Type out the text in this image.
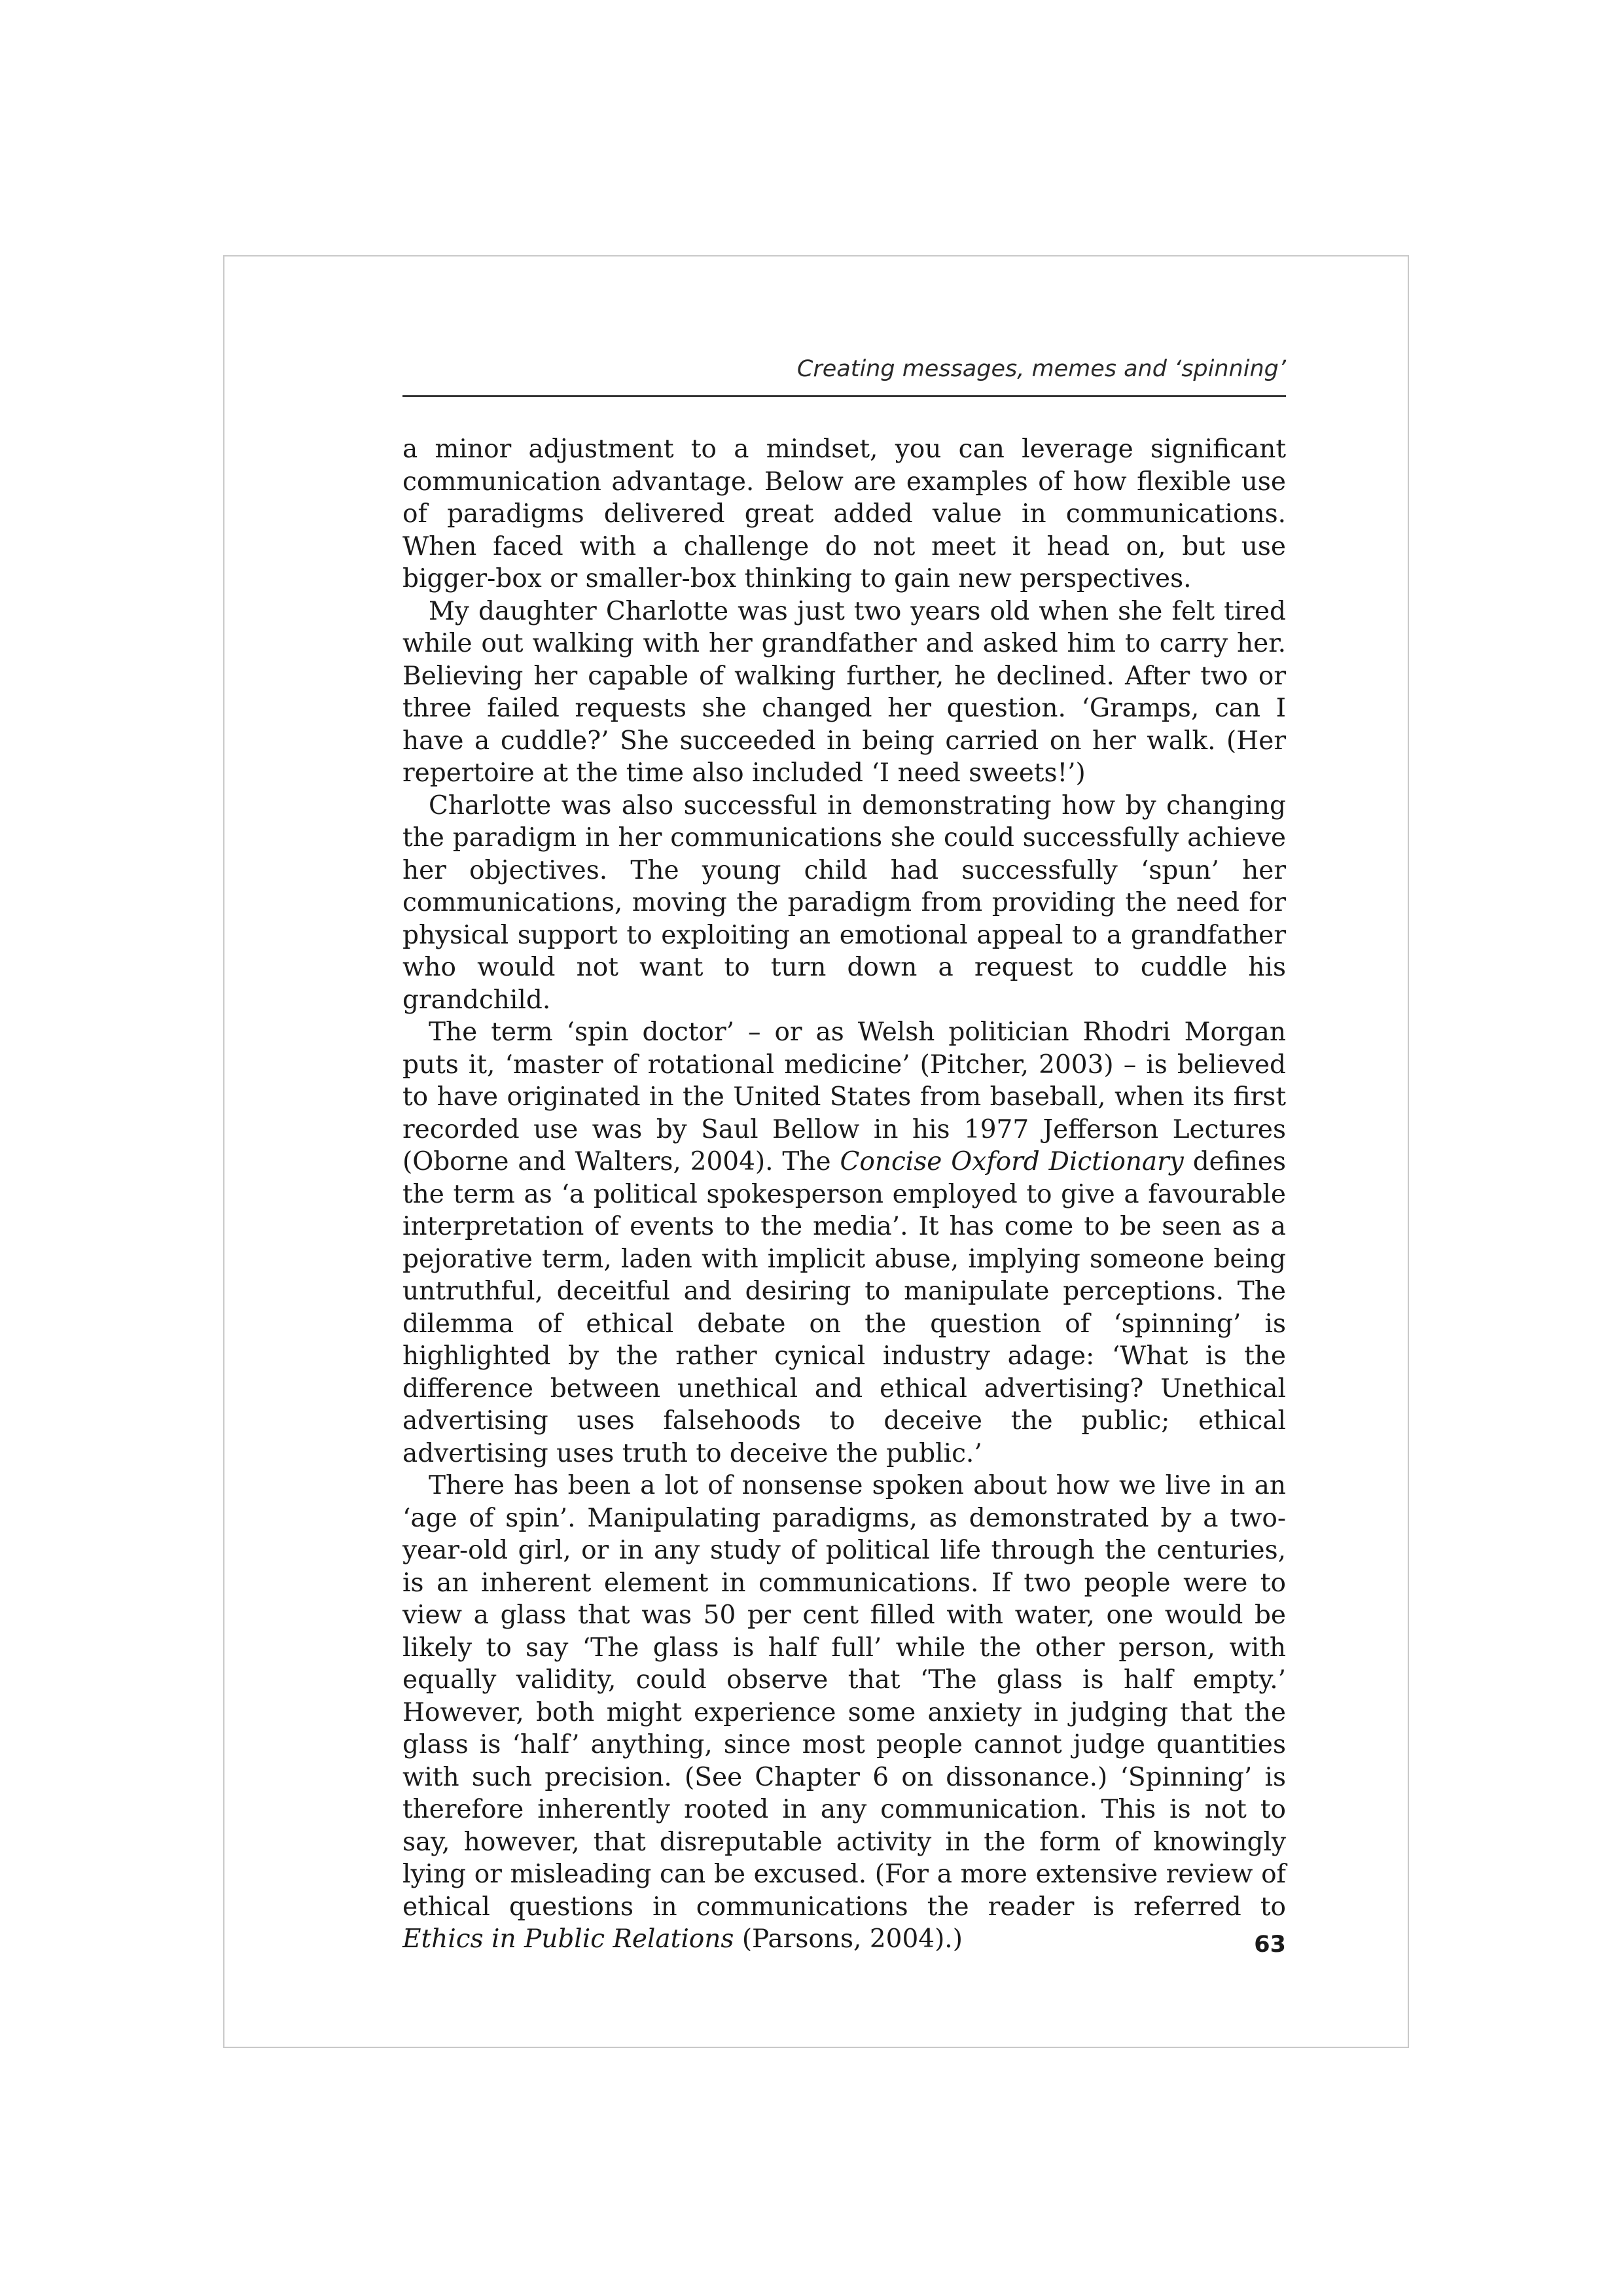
Creating messages, memes and ‘spinning’

a minor adjustment to a mindset, you can leverage significant communication advantage. Below are examples of how flexible use of paradigms delivered great added value in communications. When faced with a challenge do not meet it head on, but use bigger-box or smaller-box thinking to gain new perspectives.

My daughter Charlotte was just two years old when she felt tired while out walking with her grandfather and asked him to carry her. Believing her capable of walking further, he declined. After two or three failed requests she changed her question. ‘Gramps, can I have a cuddle?’ She succeeded in being carried on her walk. (Her repertoire at the time also included ‘I need sweets!’)

Charlotte was also successful in demonstrating how by changing the paradigm in her communications she could successfully achieve her objectives. The young child had successfully ‘spun’ her communications, moving the paradigm from providing the need for physical support to exploiting an emotional appeal to a grandfather who would not want to turn down a request to cuddle his grandchild.

The term ‘spin doctor’ – or as Welsh politician Rhodri Morgan puts it, ‘master of rotational medicine’ (Pitcher, 2003) – is believed to have originated in the United States from baseball, when its first recorded use was by Saul Bellow in his 1977 Jefferson Lectures (Oborne and Walters, 2004). The Concise Oxford Dictionary defines the term as ‘a political spokesperson employed to give a favourable interpretation of events to the media’. It has come to be seen as a pejorative term, laden with implicit abuse, implying someone being untruthful, deceitful and desiring to manipulate perceptions. The dilemma of ethical debate on the question of ‘spinning’ is highlighted by the rather cynical industry adage: ‘What is the difference between unethical and ethical advertising? Unethical advertising uses falsehoods to deceive the public; ethical advertising uses truth to deceive the public.’

There has been a lot of nonsense spoken about how we live in an ‘age of spin’. Manipulating paradigms, as demonstrated by a two-year-old girl, or in any study of political life through the centuries, is an inherent element in communications. If two people were to view a glass that was 50 per cent filled with water, one would be likely to say ‘The glass is half full’ while the other person, with equally validity, could observe that ‘The glass is half empty.’ However, both might experience some anxiety in judging that the glass is ‘half’ anything, since most people cannot judge quantities with such precision. (See Chapter 6 on dissonance.) ‘Spinning’ is therefore inherently rooted in any communication. This is not to say, however, that disreputable activity in the form of knowingly lying or misleading can be excused. (For a more extensive review of ethical questions in communications the reader is referred to Ethics in Public Relations (Parsons, 2004).)	63
